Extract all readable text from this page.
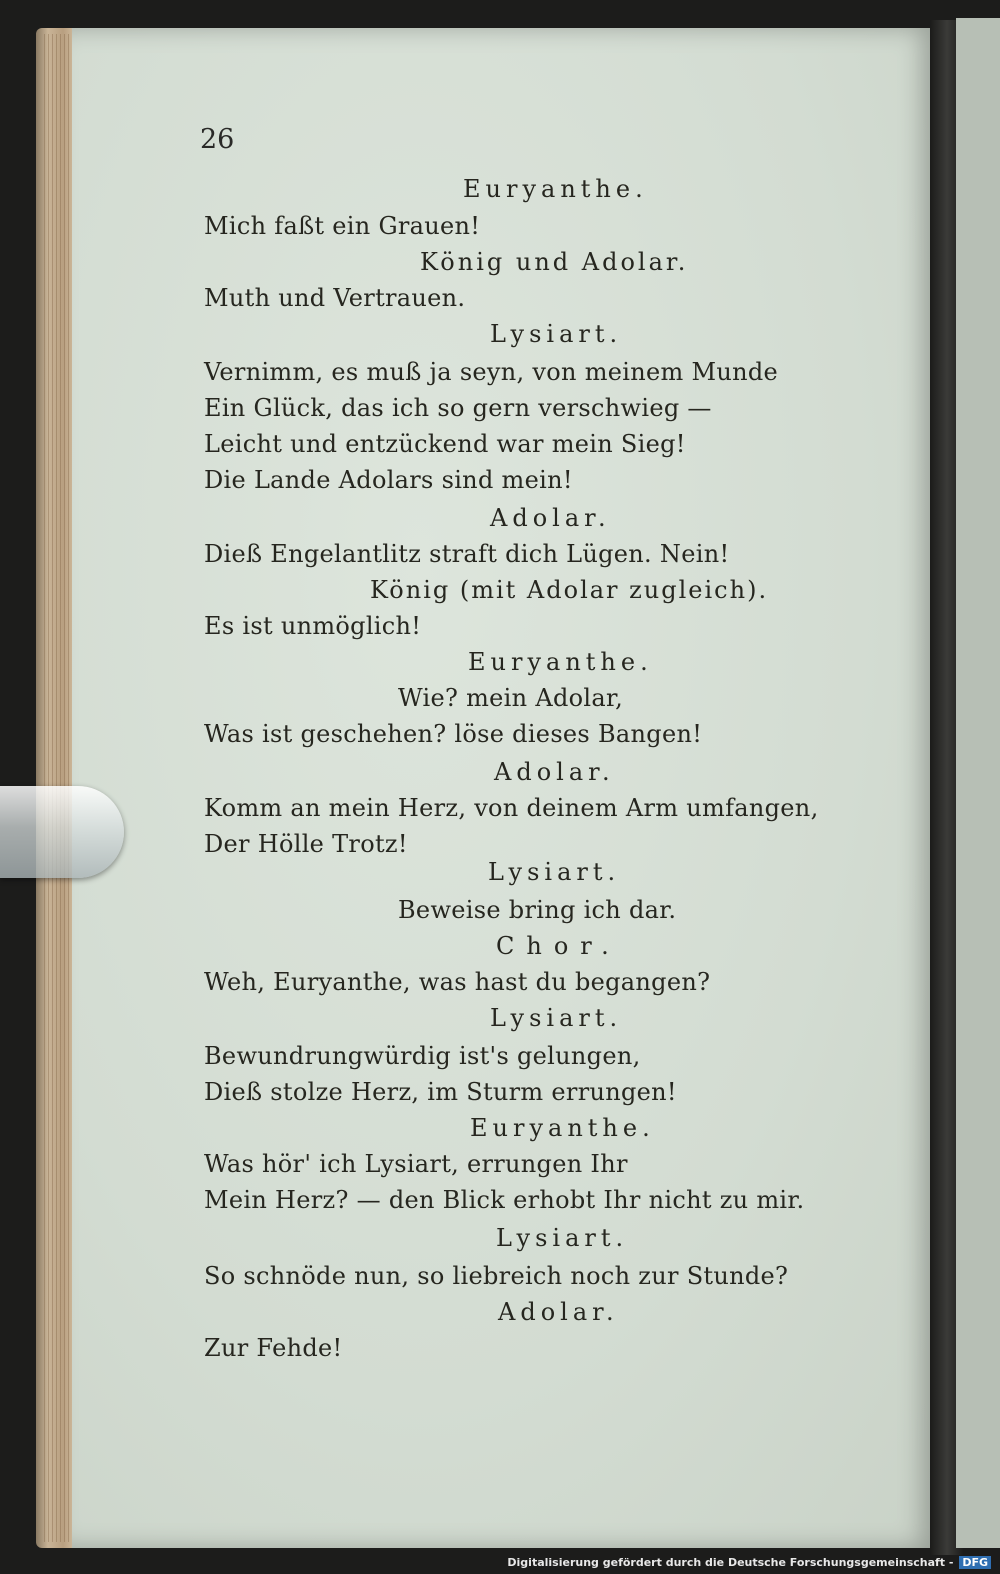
26
Euryanthe.
Mich faßt ein Grauen!
König und Adolar.
Muth und Vertrauen.
Lysiart.
Vernimm, es muß ja seyn, von meinem Munde
Ein Glück, das ich so gern verschwieg —
Leicht und entzückend war mein Sieg!
Die Lande Adolars sind mein!
Adolar.
Dieß Engelantlitz straft dich Lügen. Nein!
König (mit Adolar zugleich).
Es ist unmöglich!
Euryanthe.
Wie? mein Adolar,
Was ist geschehen? löse dieses Bangen!
Adolar.
Komm an mein Herz, von deinem Arm umfangen,
Der Hölle Trotz!
Lysiart.
Beweise bring ich dar.
Chor.
Weh, Euryanthe, was hast du begangen?
Lysiart.
Bewundrungwürdig ist's gelungen,
Dieß stolze Herz, im Sturm errungen!
Euryanthe.
Was hör' ich Lysiart, errungen Ihr
Mein Herz? — den Blick erhobt Ihr nicht zu mir.
Lysiart.
So schnöde nun, so liebreich noch zur Stunde?
Adolar.
Zur Fehde!
Digitalisierung gefördert durch die Deutsche Forschungsgemeinschaft - DFG
